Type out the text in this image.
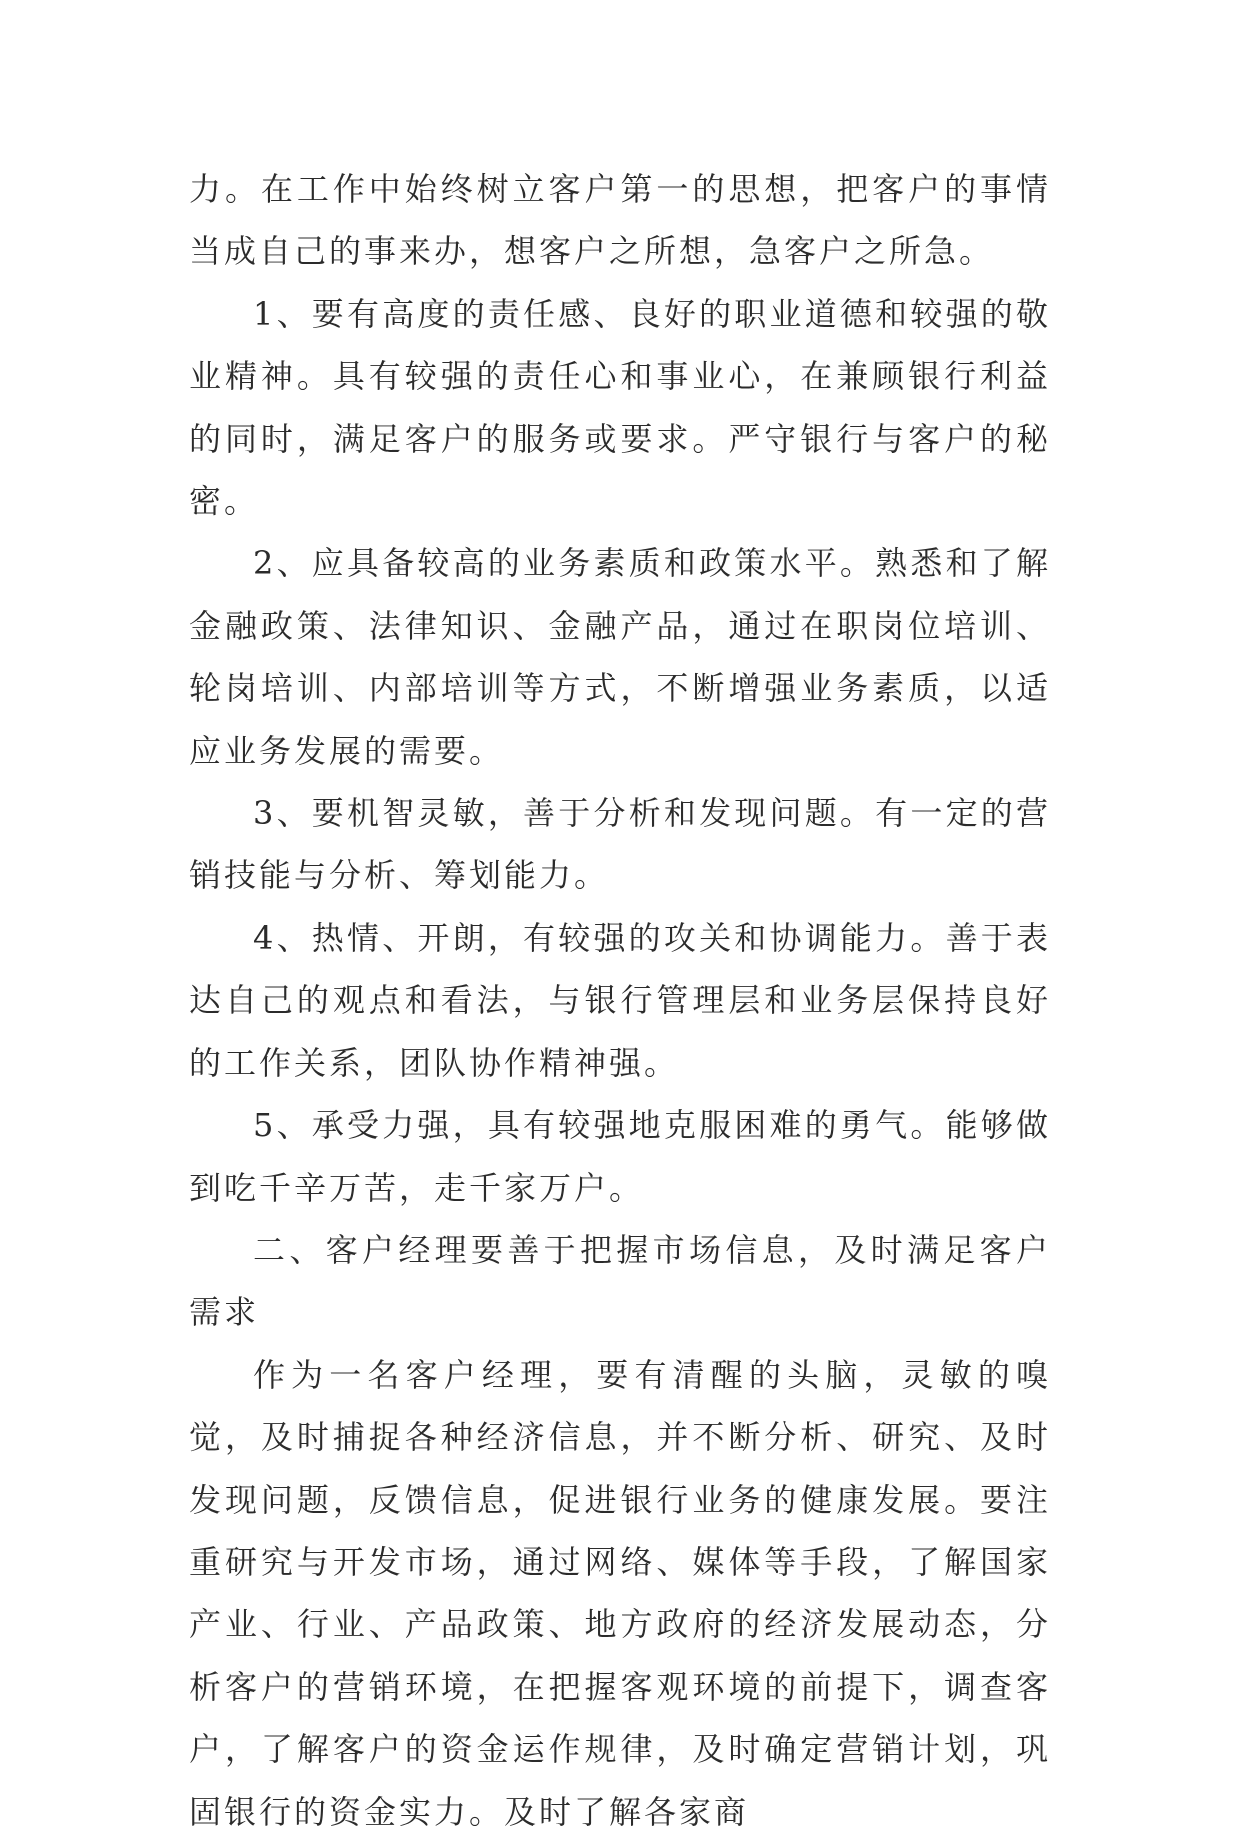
力。在工作中始终树立客户第一的思想，把客户的事情当成自己的事来办，想客户之所想，急客户之所急。

1、要有高度的责任感、良好的职业道德和较强的敬业精神。具有较强的责任心和事业心，在兼顾银行利益的同时，满足客户的服务或要求。严守银行与客户的秘密。

2、应具备较高的业务素质和政策水平。熟悉和了解金融政策、法律知识、金融产品，通过在职岗位培训、轮岗培训、内部培训等方式，不断增强业务素质，以适应业务发展的需要。

3、要机智灵敏，善于分析和发现问题。有一定的营销技能与分析、筹划能力。

4、热情、开朗，有较强的攻关和协调能力。善于表达自己的观点和看法，与银行管理层和业务层保持良好的工作关系，团队协作精神强。

5、承受力强，具有较强地克服困难的勇气。能够做到吃千辛万苦，走千家万户。

二、客户经理要善于把握市场信息，及时满足客户需求

作为一名客户经理，要有清醒的头脑，灵敏的嗅觉，及时捕捉各种经济信息，并不断分析、研究、及时发现问题，反馈信息，促进银行业务的健康发展。要注重研究与开发市场，通过网络、媒体等手段，了解国家产业、行业、产品政策、地方政府的经济发展动态，分析客户的营销环境，在把握客观环境的前提下，调查客户，了解客户的资金运作规律，及时确定营销计划，巩固银行的资金实力。及时了解各家商
